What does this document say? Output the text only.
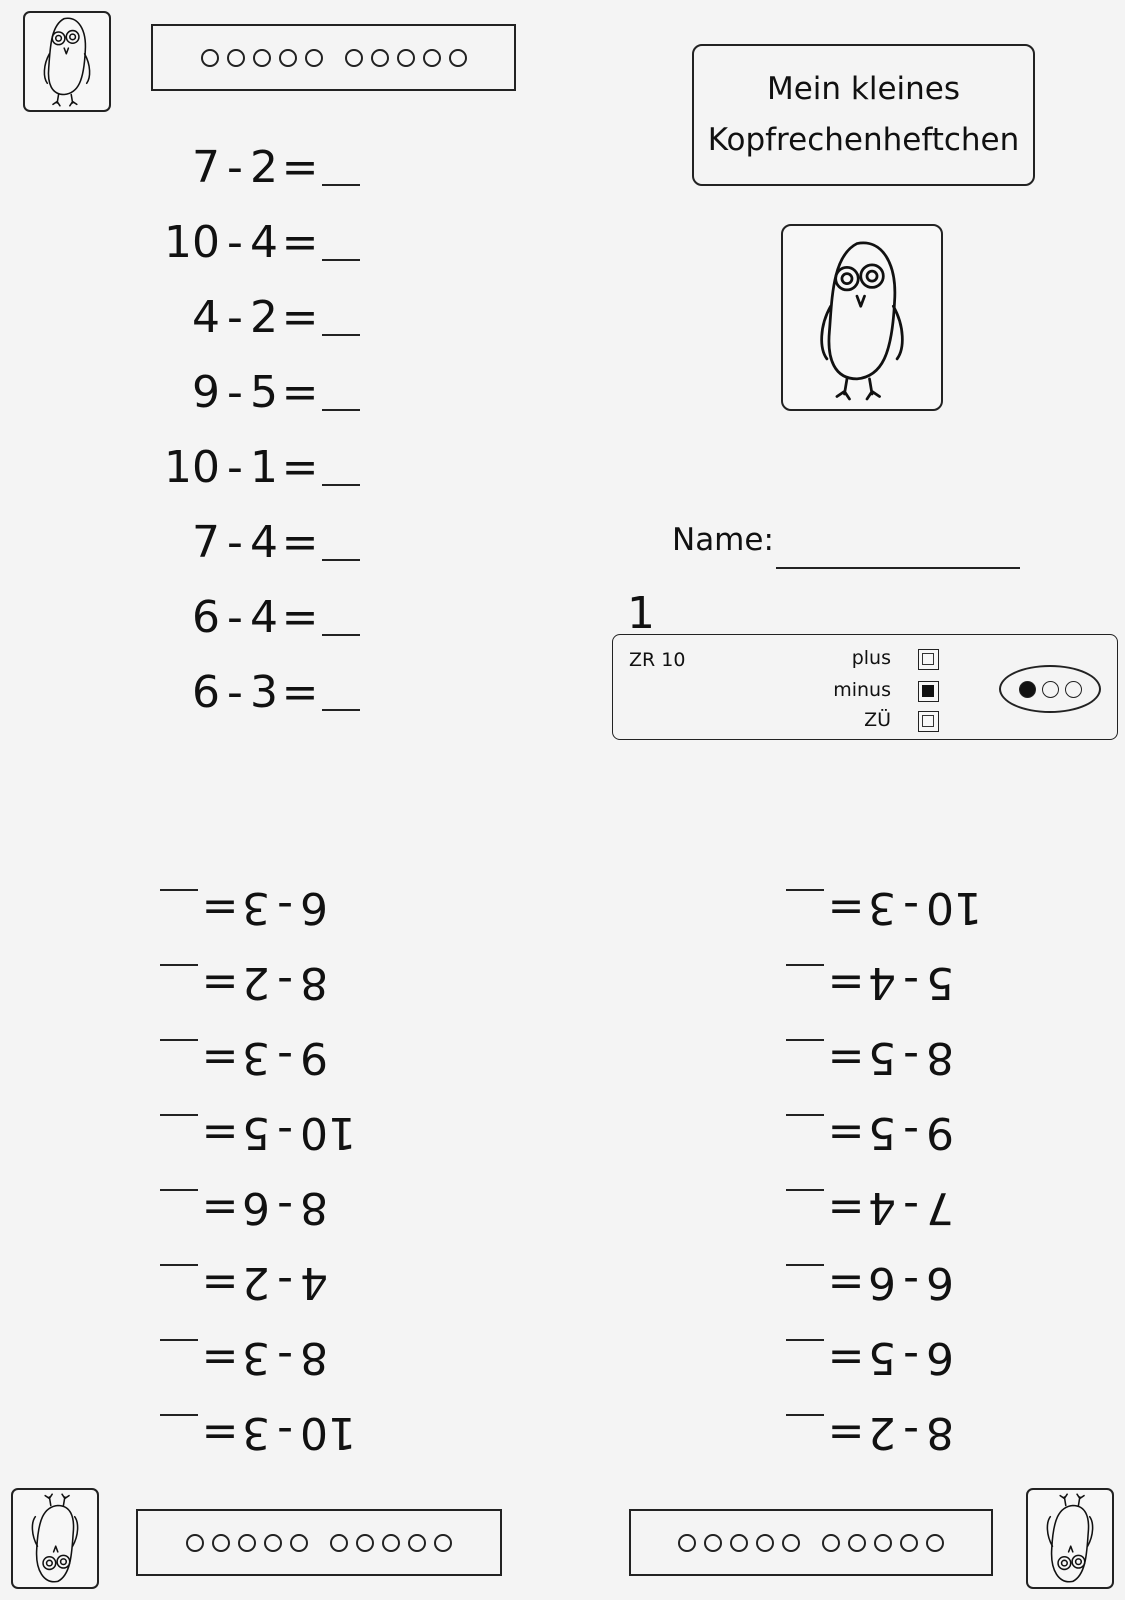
Mein kleines
Kopfrechenheftchen
7 - 2 =
10 - 4 =
4 - 2 =
9 - 5 =
10 - 1 =
7 - 4 =
6 - 4 =
6 - 3 =
Name:
1
ZR 10	plus
minus
ZÜ
10
-
3
=
8
-
3
=
4
-
2
=
8
-
6
=
10
-
5
=
9
-
3
=
8
-
2
=
6
-
3
=
8
-
2
=
6
-
5
=
6
-
6
=
7
-
4
=
9
-
5
=
8
-
5
=
5
-
4
=
10
-
3
=
